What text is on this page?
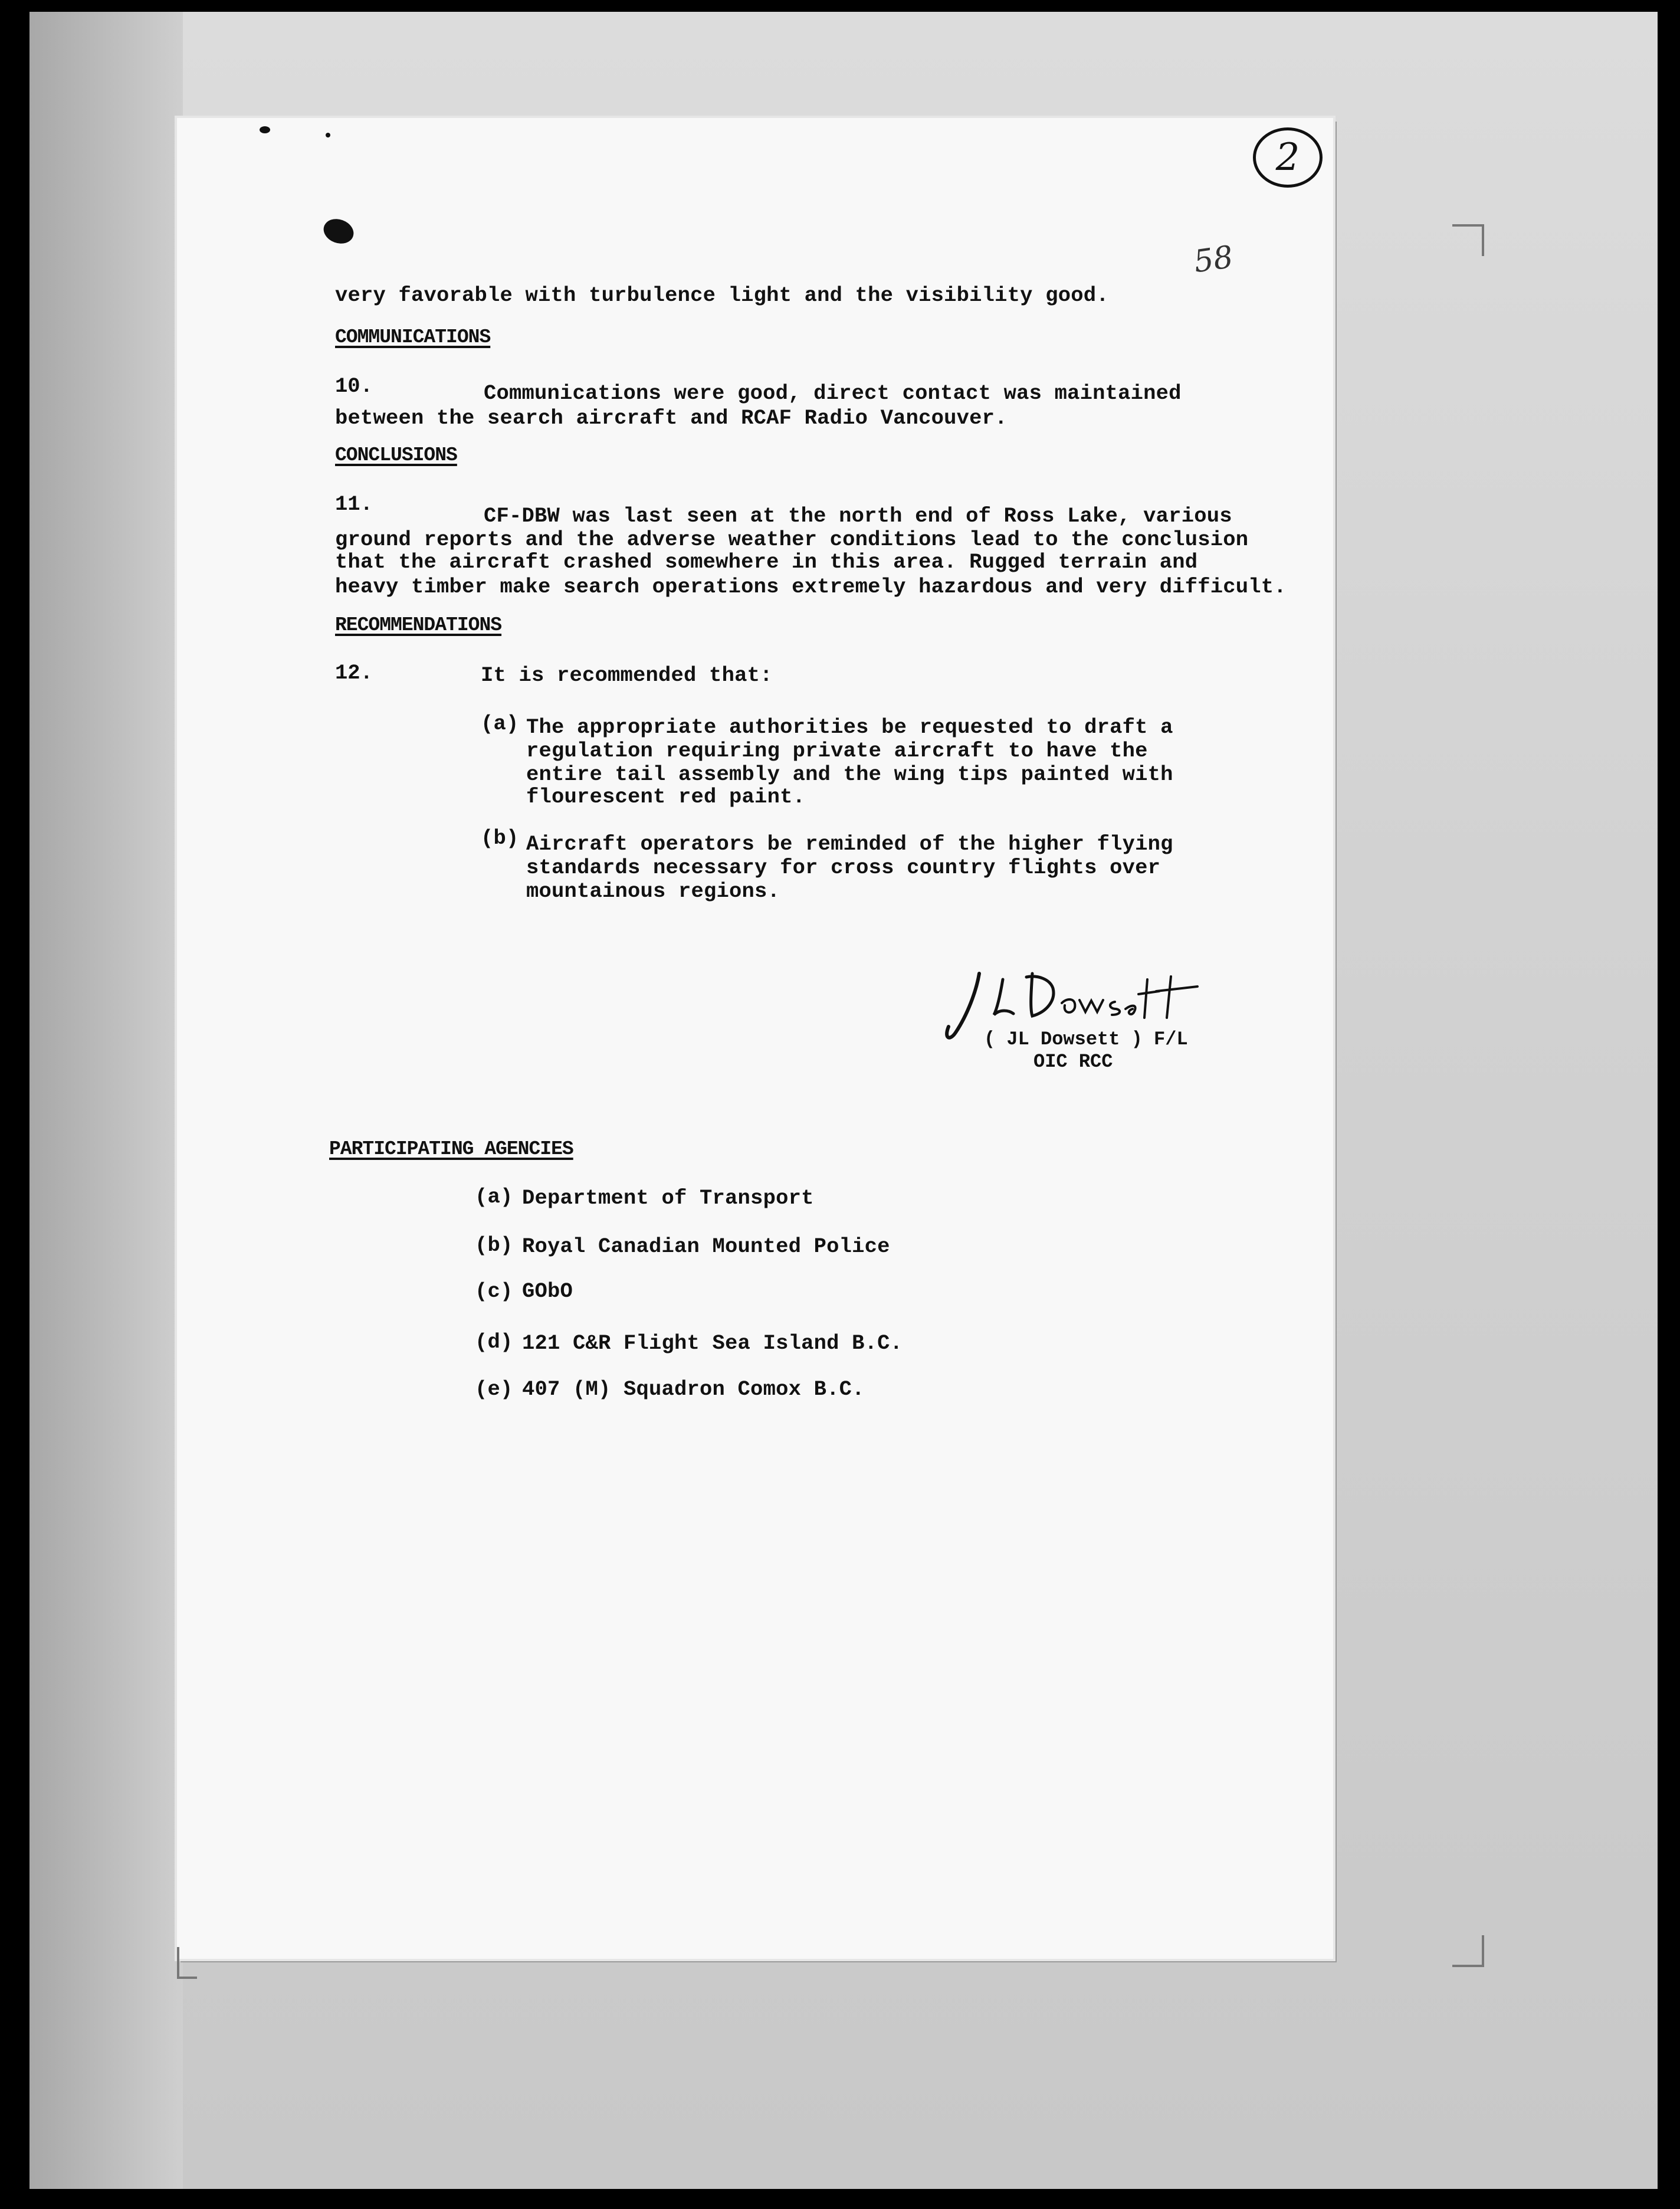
2
58
very favorable with turbulence light and the visibility good.
COMMUNICATIONS
10.	Communications were good, direct contact was maintained
between the search aircraft and RCAF Radio Vancouver.
CONCLUSIONS
11.	CF-DBW was last seen at the north end of Ross Lake, various
ground reports and the adverse weather conditions lead to the conclusion
that the aircraft crashed somewhere in this area. Rugged terrain and
heavy timber make search operations extremely hazardous and very difficult.
RECOMMENDATIONS
12.	It is recommended that:
(a) The appropriate authorities be requested to draft a
regulation requiring private aircraft to have the
entire tail assembly and the wing tips painted with
flourescent red paint.
(b) Aircraft operators be reminded of the higher flying
standards necessary for cross country flights over
mountainous regions.
( JL Dowsett ) F/L
OIC RCC
PARTICIPATING AGENCIES
(a) Department of Transport
(b) Royal Canadian Mounted Police
(c) GObO
(d) 121 C&R Flight Sea Island B.C.
(e) 407 (M) Squadron Comox B.C.
